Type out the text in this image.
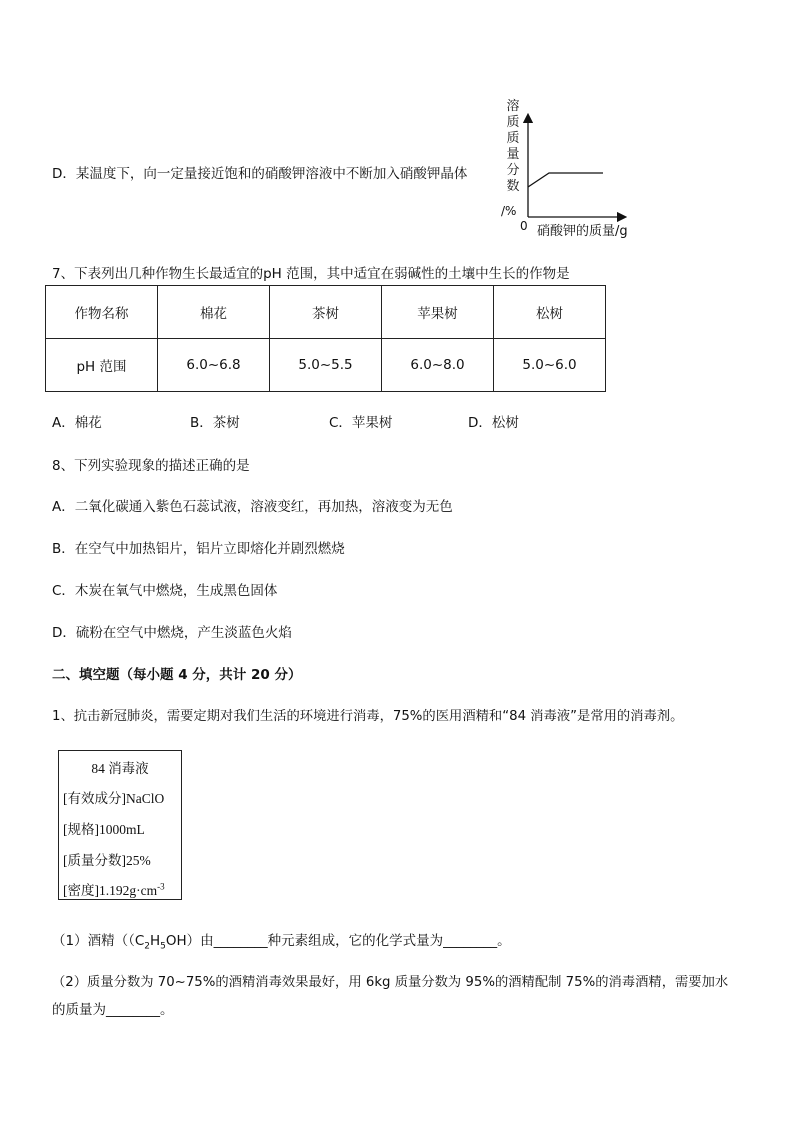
D．某温度下，向一定量接近饱和的硝酸钾溶液中不断加入硝酸钾晶体
溶
质
质
量
分
数
/%
0 硝酸钾的质量/g
7、下表列出几种作物生长最适宜的pH 范围，其中适宜在弱碱性的土壤中生长的作物是
作物名称	棉花	茶树	苹果树	松树
pH 范围	6.0~6.8	5.0~5.5	6.0~8.0	5.0~6.0
A．棉花	B．茶树	C．苹果树	D．松树
8、下列实验现象的描述正确的是
A．二氧化碳通入紫色石蕊试液，溶液变红，再加热，溶液变为无色
B．在空气中加热铝片，铝片立即熔化并剧烈燃烧
C．木炭在氧气中燃烧，生成黑色固体
D．硫粉在空气中燃烧，产生淡蓝色火焰
二、填空题（每小题 4 分，共计 20 分）
1、抗击新冠肺炎，需要定期对我们生活的环境进行消毒，75%的医用酒精和“84 消毒液”是常用的消毒剂。
84 消毒液
[有效成分]NaClO
[规格]1000mL
[质量分数]25%
[密度]$1.192g\cdot cm^{-3}$
（1）酒精（$(C_2H_5OH)$由________种元素组成，它的化学式量为________。
（2）质量分数为 70~75%的酒精消毒效果最好，用 6kg 质量分数为 95%的酒精配制 75%的消毒酒精，需要加水
的质量为________。
